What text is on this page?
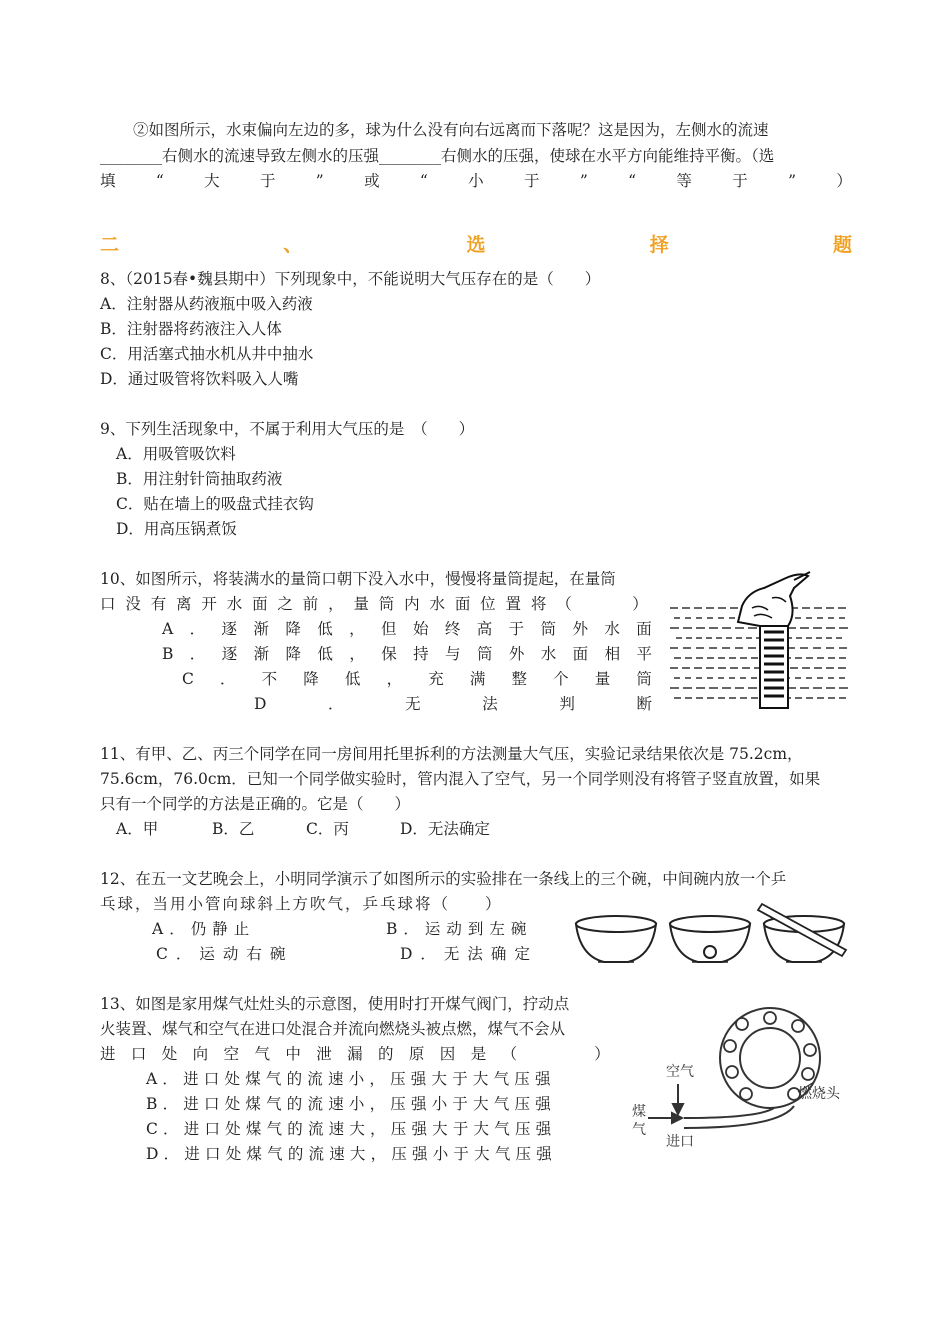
②如图所示，水束偏向左边的多，球为什么没有向右远离而下落呢？这是因为，左侧水的流速
________右侧水的流速导致左侧水的压强________右侧水的压强，使球在水平方向能维持平衡。（选
填	“	大	于	”	或	“	小	于	”	“	等	于	”	）
二	、	选	择	题
8、（2015春•魏县期中）下列现象中，不能说明大气压存在的是（　　）
A．注射器从药液瓶中吸入药液
B．注射器将药液注入人体
C．用活塞式抽水机从井中抽水
D．通过吸管将饮料吸入人嘴
9、下列生活现象中，不属于利用大气压的是　（　　）
A．用吸管吸饮料
B．用注射针筒抽取药液
C．贴在墙上的吸盘式挂衣钩
D．用高压锅煮饭
10、如图所示，将装满水的量筒口朝下没入水中，慢慢将量筒提起，在量筒
口 没 有 离 开 水 面 之 前 ， 量 筒 内 水 面 位 置 将 （

　	）
A ． 逐 渐 降 低 ， 但 始 终 高 于 筒 外 水 面
B ． 逐 渐 降 低 ， 保 持 与 筒 外 水 面 相 平
C ． 不 降 低 ， 充 满 整 个 量 筒
D	．	无	法	判	断
11、有甲、乙、丙三个同学在同一房间用托里拆利的方法测量大气压，实验记录结果依次是 75.2cm，
75.6cm，76.0cm．已知一个同学做实验时，管内混入了空气，另一个同学则没有将管子竖直放置，如果
只有一个同学的方法是正确的。它是（　　）
A．甲	B．乙	C．丙	D．无法确定
12、在五一文艺晚会上，小明同学演示了如图所示的实验排在一条线上的三个碗，中间碗内放一个乒
乓球，当用小管向球斜上方吹气，乒乓球将（　　）
A．仍静止	B．运动到左碗
C．运动右碗	D．无法确定
13、如图是家用煤气灶灶头的示意图，使用时打开煤气阀门，拧动点
火装置、煤气和空气在进口处混合并流向燃烧头被点燃，煤气不会从
进 口 处 向 空 气 中 泄 漏 的 原 因 是 （

　	）
A．进口处煤气的流速小，压强大于大气压强
B．进口处煤气的流速小，压强小于大气压强
C．进口处煤气的流速大，压强大于大气压强
D．进口处煤气的流速大，压强小于大气压强
空气
煤
气
进口
燃烧头
